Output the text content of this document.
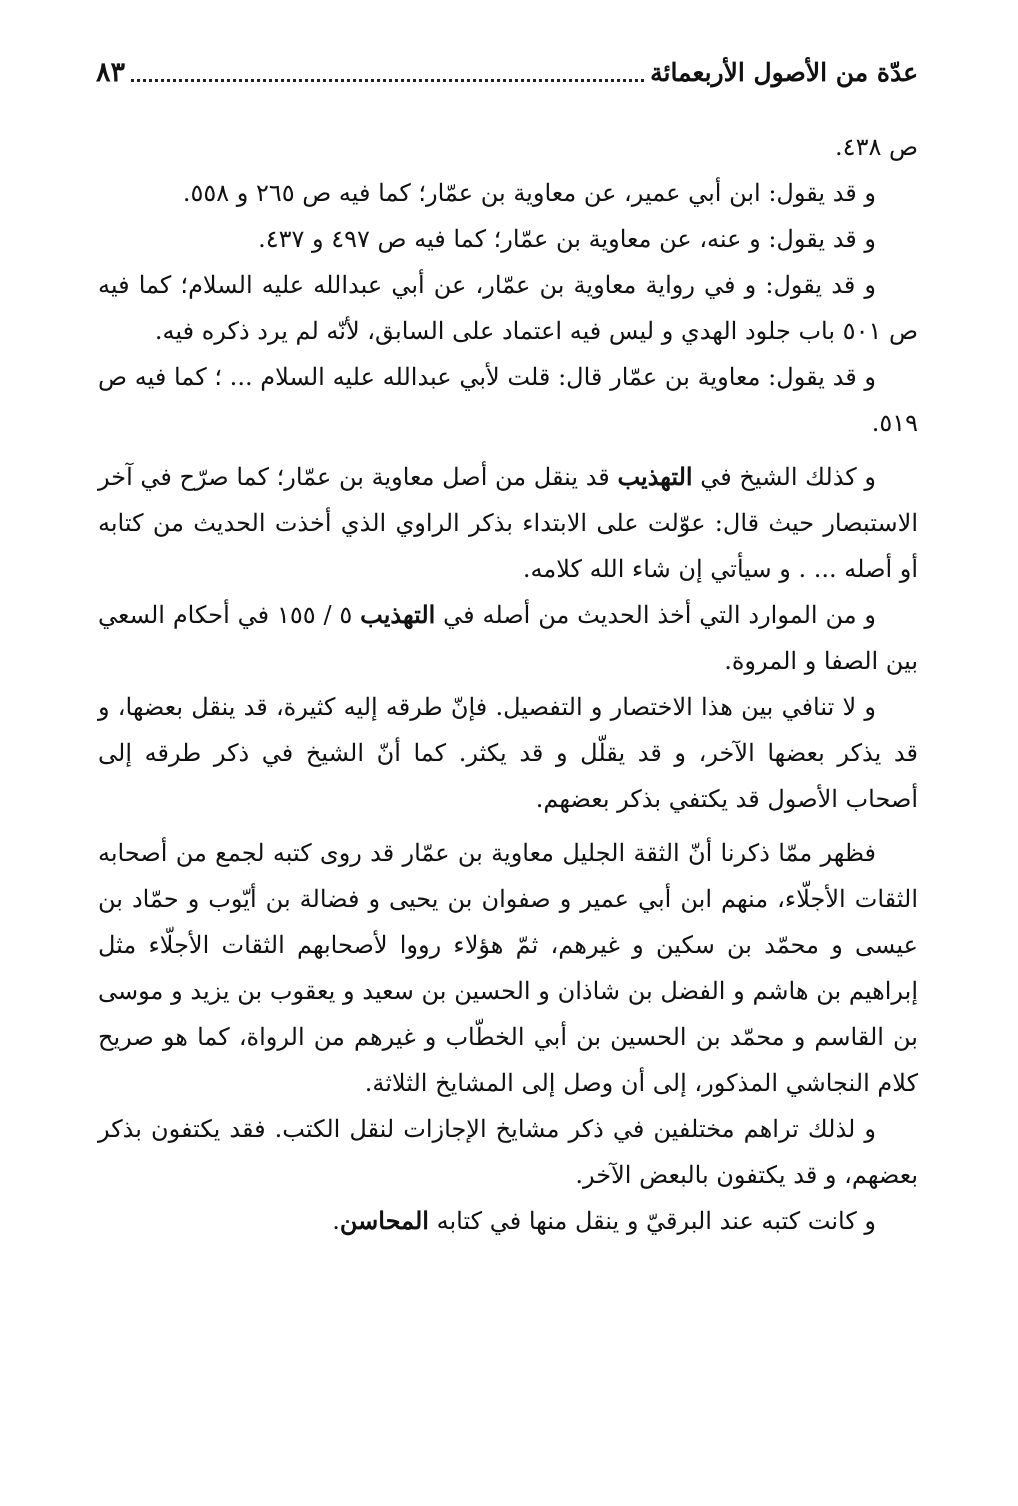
عدّة من الأصول الأربعمائة
٨٣

ص ٤٣٨.

و قد يقول: ابن أبي عمير، عن معاوية بن عمّار؛ كما فيه ص ٢٦٥ و ٥٥٨.

و قد يقول: و عنه، عن معاوية بن عمّار؛ كما فيه ص ٤٩٧ و ٤٣٧.

و قد يقول: و في رواية معاوية بن عمّار، عن أبي عبدالله عليه السلام؛ كما فيه ص ٥٠١ باب جلود الهدي و ليس فيه اعتماد على السابق، لأنّه لم يرد ذكره فيه.

و قد يقول: معاوية بن عمّار قال: قلت لأبي عبدالله عليه السلام ... ؛ كما فيه ص ٥١٩.

و كذلك الشيخ في التهذيب قد ينقل من أصل معاوية بن عمّار؛ كما صرّح في آخر الاستبصار حيث قال: عوّلت على الابتداء بذكر الراوي الذي أخذت الحديث من كتابه أو أصله ... . و سيأتي إن شاء الله كلامه.

و من الموارد التي أخذ الحديث من أصله في التهذيب ٥ / ١٥٥ في أحكام السعي بين الصفا و المروة.

و لا تنافي بين هذا الاختصار و التفصيل. فإنّ طرقه إليه كثيرة، قد ينقل بعضها، و قد يذكر بعضها الآخر، و قد يقلّل و قد يكثر. كما أنّ الشيخ في ذكر طرقه إلى أصحاب الأصول قد يكتفي بذكر بعضهم.

فظهر ممّا ذكرنا أنّ الثقة الجليل معاوية بن عمّار قد روى كتبه لجمع من أصحابه الثقات الأجلّاء، منهم ابن أبي عمير و صفوان بن يحيى و فضالة بن أيّوب و حمّاد بن عيسى و محمّد بن سكين و غيرهم، ثمّ هؤلاء رووا لأصحابهم الثقات الأجلّاء مثل إبراهيم بن هاشم و الفضل بن شاذان و الحسين بن سعيد و يعقوب بن يزيد و موسى بن القاسم و محمّد بن الحسين بن أبي الخطّاب و غيرهم من الرواة، كما هو صريح كلام النجاشي المذكور، إلى أن وصل إلى المشايخ الثلاثة.

و لذلك تراهم مختلفين في ذكر مشايخ الإجازات لنقل الكتب. فقد يكتفون بذكر بعضهم، و قد يكتفون بالبعض الآخر.

و كانت كتبه عند البرقيّ و ينقل منها في كتابه المحاسن.
